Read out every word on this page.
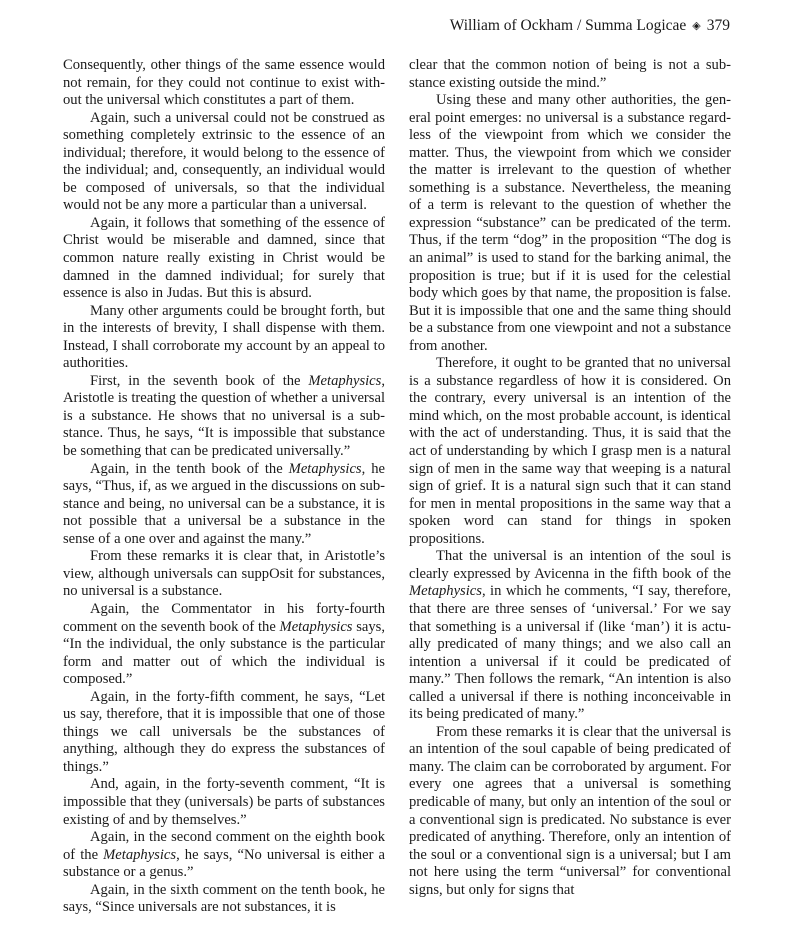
William of Ockham / Summa Logicae ◈ 379

Consequently, other things of the same essence would not remain, for they could not continue to exist without the universal which constitutes a part of them.

Again, such a universal could not be construed as something completely extrinsic to the essence of an individual; therefore, it would belong to the essence of the individual; and, consequently, an individual would be composed of universals, so that the individual would not be any more a particular than a universal.

Again, it follows that something of the essence of Christ would be miserable and damned, since that common nature really existing in Christ would be damned in the damned individual; for surely that essence is also in Judas. But this is absurd.

Many other arguments could be brought forth, but in the interests of brevity, I shall dispense with them. Instead, I shall corroborate my account by an appeal to authorities.

First, in the seventh book of the Metaphysics, Aristotle is treating the question of whether a universal is a substance. He shows that no universal is a substance. Thus, he says, “It is impossible that substance be something that can be predicated universally.”

Again, in the tenth book of the Metaphysics, he says, “Thus, if, as we argued in the discussions on substance and being, no universal can be a substance, it is not possible that a universal be a substance in the sense of a one over and against the many.”

From these remarks it is clear that, in Aristotle’s view, although universals can suppOsit for substances, no universal is a substance.

Again, the Commentator in his forty-fourth comment on the seventh book of the Metaphysics says, “In the individual, the only substance is the particular form and matter out of which the individual is composed.”

Again, in the forty-fifth comment, he says, “Let us say, therefore, that it is impossible that one of those things we call universals be the substances of anything, although they do express the substances of things.”

And, again, in the forty-seventh comment, “It is impossible that they (universals) be parts of substances existing of and by themselves.”

Again, in the second comment on the eighth book of the Metaphysics, he says, “No universal is either a substance or a genus.”

Again, in the sixth comment on the tenth book, he says, “Since universals are not substances, it is

clear that the common notion of being is not a substance existing outside the mind.”

Using these and many other authorities, the general point emerges: no universal is a substance regardless of the viewpoint from which we consider the matter. Thus, the viewpoint from which we consider the matter is irrelevant to the question of whether something is a substance. Nevertheless, the meaning of a term is relevant to the question of whether the expression “substance” can be predicated of the term. Thus, if the term “dog” in the proposition “The dog is an animal” is used to stand for the barking animal, the proposition is true; but if it is used for the celestial body which goes by that name, the proposition is false. But it is impossible that one and the same thing should be a substance from one viewpoint and not a substance from another.

Therefore, it ought to be granted that no universal is a substance regardless of how it is considered. On the contrary, every universal is an intention of the mind which, on the most probable account, is identical with the act of understanding. Thus, it is said that the act of understanding by which I grasp men is a natural sign of men in the same way that weeping is a natural sign of grief. It is a natural sign such that it can stand for men in mental propositions in the same way that a spoken word can stand for things in spoken propositions.

That the universal is an intention of the soul is clearly expressed by Avicenna in the fifth book of the Metaphysics, in which he comments, “I say, therefore, that there are three senses of ‘universal.’ For we say that something is a universal if (like ‘man’) it is actually predicated of many things; and we also call an intention a universal if it could be predicated of many.” Then follows the remark, “An intention is also called a universal if there is nothing inconceivable in its being predicated of many.”

From these remarks it is clear that the universal is an intention of the soul capable of being predicated of many. The claim can be corroborated by argument. For every one agrees that a universal is something predicable of many, but only an intention of the soul or a conventional sign is predicated. No substance is ever predicated of anything. Therefore, only an intention of the soul or a conventional sign is a universal; but I am not here using the term “universal” for conventional signs, but only for signs that
